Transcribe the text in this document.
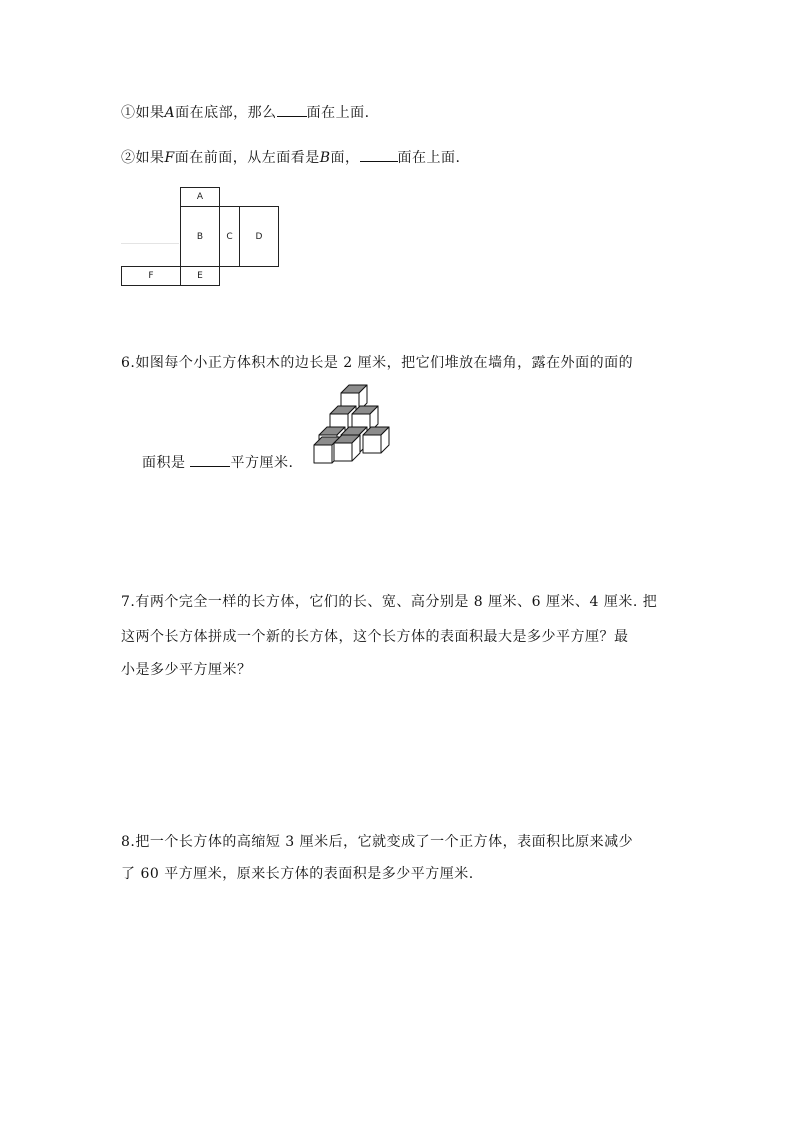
①如果A面在底部，那么 面在上面.
②如果F面在前面，从左面看是B面，	面在上面.
A
B	C	D
E
F
6.如图每个小正方体积木的边长是 2 厘米，把它们堆放在墙角，露在外面的面的
面积是	平方厘米.
7.有两个完全一样的长方体，它们的长、宽、高分别是 8 厘米、6 厘米、4 厘米. 把
这两个长方体拼成一个新的长方体，这个长方体的表面积最大是多少平方厘？最
小是多少平方厘米？
8.把一个长方体的高缩短 3 厘米后，它就变成了一个正方体，表面积比原来减少
了 60 平方厘米，原来长方体的表面积是多少平方厘米.
